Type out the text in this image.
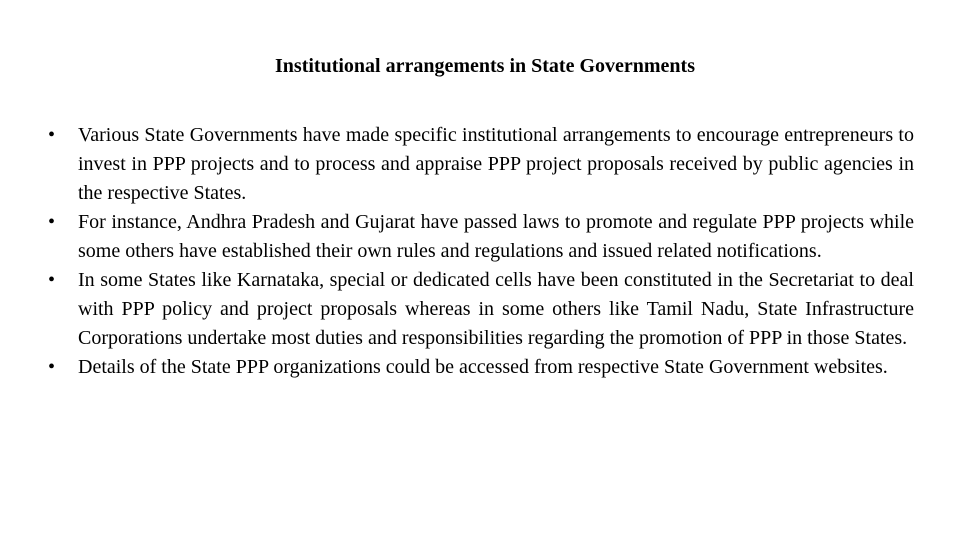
Institutional arrangements in State Governments
• Various State Governments have made specific institutional arrangements to encourage entrepreneurs to invest in PPP projects and to process and appraise PPP project proposals received by public agencies in the respective States.
• For instance, Andhra Pradesh and Gujarat have passed laws to promote and regulate PPP projects while some others have established their own rules and regulations and issued related notifications.
• In some States like Karnataka, special or dedicated cells have been constituted in the Secretariat to deal with PPP policy and project proposals whereas in some others like Tamil Nadu, State Infrastructure Corporations undertake most duties and responsibilities regarding the promotion of PPP in those States.
• Details of the State PPP organizations could be accessed from respective State Government websites.
